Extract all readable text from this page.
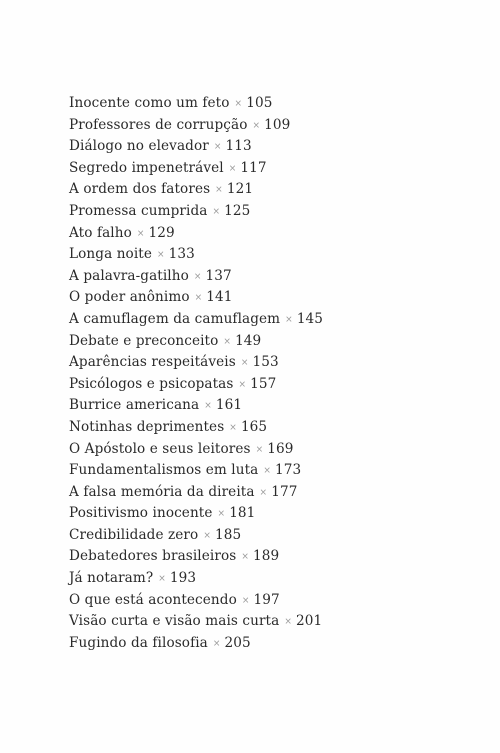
Inocente como um feto × 105
Professores de corrupção × 109
Diálogo no elevador × 113
Segredo impenetrável × 117
A ordem dos fatores × 121
Promessa cumprida × 125
Ato falho × 129
Longa noite × 133
A palavra-gatilho × 137
O poder anônimo × 141
A camuflagem da camuflagem × 145
Debate e preconceito × 149
Aparências respeitáveis × 153
Psicólogos e psicopatas × 157
Burrice americana × 161
Notinhas deprimentes × 165
O Apóstolo e seus leitores × 169
Fundamentalismos em luta × 173
A falsa memória da direita × 177
Positivismo inocente × 181
Credibilidade zero × 185
Debatedores brasileiros × 189
Já notaram? × 193
O que está acontecendo × 197
Visão curta e visão mais curta × 201
Fugindo da filosofia × 205
